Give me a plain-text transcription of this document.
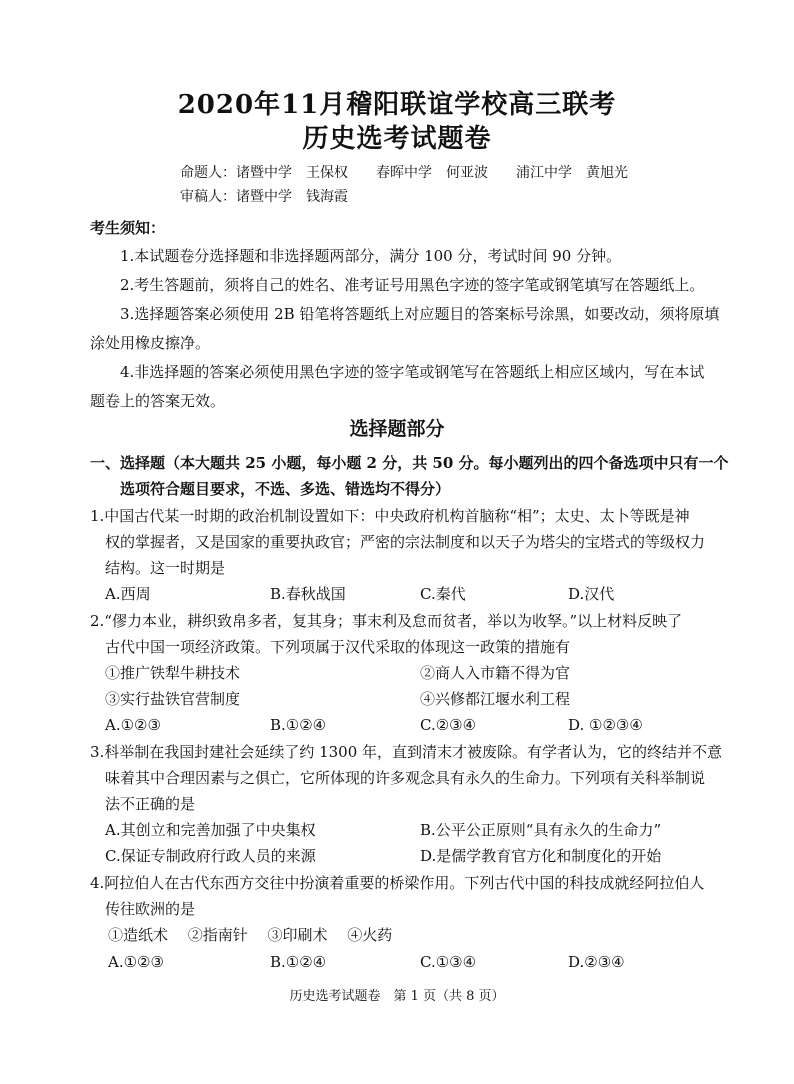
2020年11月稽阳联谊学校高三联考
历史选考试题卷
命题人：诸暨中学　王保权　　春晖中学　何亚波　　浦江中学　黄旭光
审稿人：诸暨中学　钱海霞
考生须知：
1.本试题卷分选择题和非选择题两部分，满分 100 分，考试时间 90 分钟。
2.考生答题前，须将自己的姓名、准考证号用黑色字迹的签字笔或钢笔填写在答题纸上。
3.选择题答案必须使用 2B 铅笔将答题纸上对应题目的答案标号涂黑，如要改动，须将原填
涂处用橡皮擦净。
4.非选择题的答案必须使用黑色字迹的签字笔或钢笔写在答题纸上相应区域内，写在本试
题卷上的答案无效。
选择题部分
一、选择题（本大题共 25 小题，每小题 2 分，共 50 分。每小题列出的四个备选项中只有一个
选项符合题目要求，不选、多选、错选均不得分）
1.中国古代某一时期的政治机制设置如下：中央政府机构首脑称“相”；太史、太卜等既是神
权的掌握者，又是国家的重要执政官；严密的宗法制度和以天子为塔尖的宝塔式的等级权力
结构。这一时期是
A.西周	B.春秋战国	C.秦代	D.汉代
2.“僇力本业，耕织致帛多者，复其身；事末利及怠而贫者，举以为收孥。”以上材料反映了
古代中国一项经济政策。下列项属于汉代采取的体现这一政策的措施有
①推广铁犁牛耕技术	②商人入市籍不得为官
③实行盐铁官营制度	④兴修都江堰水利工程
A.①②③	B.①②④	C.②③④	D. ①②③④
3.科举制在我国封建社会延续了约 1300 年，直到清末才被废除。有学者认为，它的终结并不意
味着其中合理因素与之俱亡，它所体现的许多观念具有永久的生命力。下列项有关科举制说
法不正确的是
A.其创立和完善加强了中央集权	B.公平公正原则“具有永久的生命力”
C.保证专制政府行政人员的来源	D.是儒学教育官方化和制度化的开始
4.阿拉伯人在古代东西方交往中扮演着重要的桥梁作用。下列古代中国的科技成就经阿拉伯人
传往欧洲的是
①造纸术　 ②指南针　 ③印刷术　 ④火药
A.①②③	B.①②④	C.①③④	D.②③④
历史选考试题卷　第 1 页（共 8 页）
